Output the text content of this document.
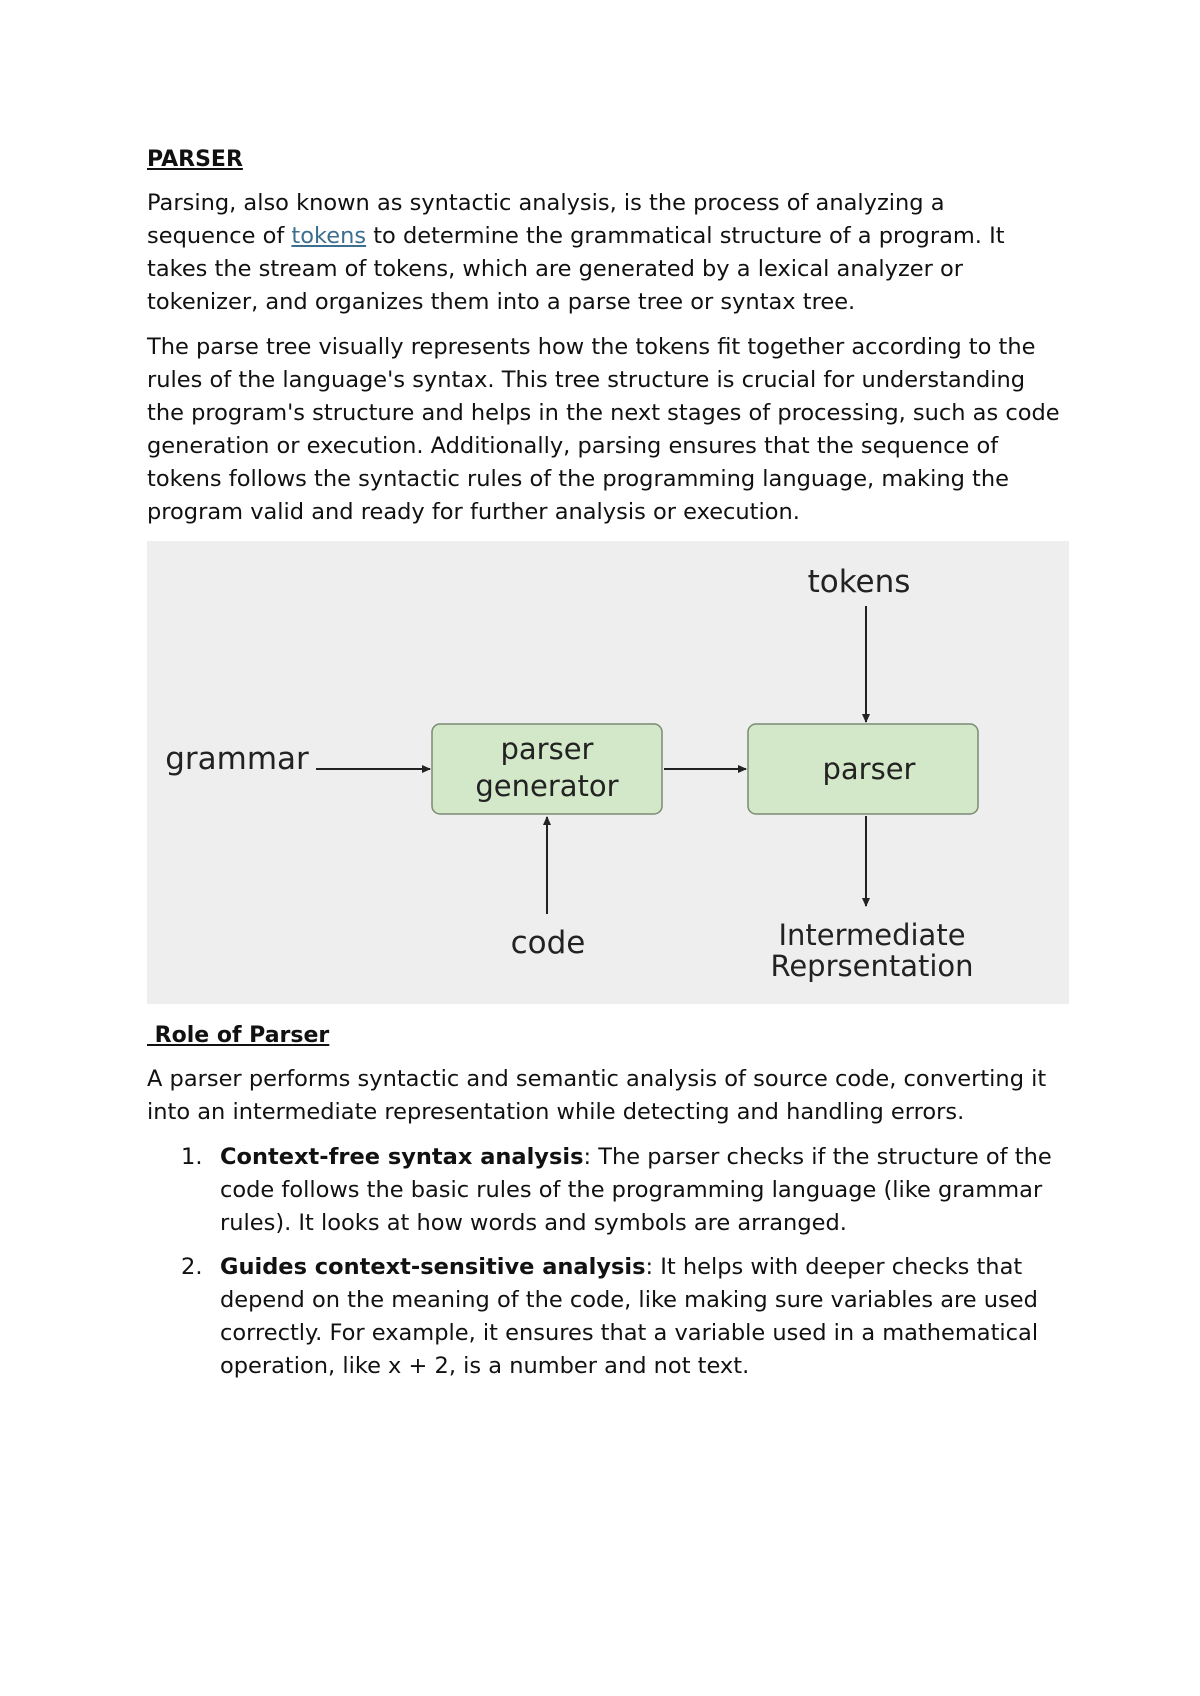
PARSER

Parsing, also known as syntactic analysis, is the process of analyzing a
sequence of tokens to determine the grammatical structure of a program. It takes the stream of tokens, which are generated by a lexical analyzer or tokenizer, and organizes them into a parse tree or syntax tree.

The parse tree visually represents how the tokens fit together according to the rules of the language's syntax. This tree structure is crucial for understanding the program's structure and helps in the next stages of processing, such as code generation or execution. Additionally, parsing ensures that the sequence of tokens follows the syntactic rules of the programming language, making the program valid and ready for further analysis or execution.

tokens
grammar	parser
generator	parser
code	Intermediate
Reprsentation
Role of Parser

A parser performs syntactic and semantic analysis of source code, converting it into an intermediate representation while detecting and handling errors.

1. Context-free syntax analysis: The parser checks if the structure of the code follows the basic rules of the programming language (like grammar rules). It looks at how words and symbols are arranged.
2. Guides context-sensitive analysis: It helps with deeper checks that depend on the meaning of the code, like making sure variables are used correctly. For example, it ensures that a variable used in a mathematical operation, like x + 2, is a number and not text.
